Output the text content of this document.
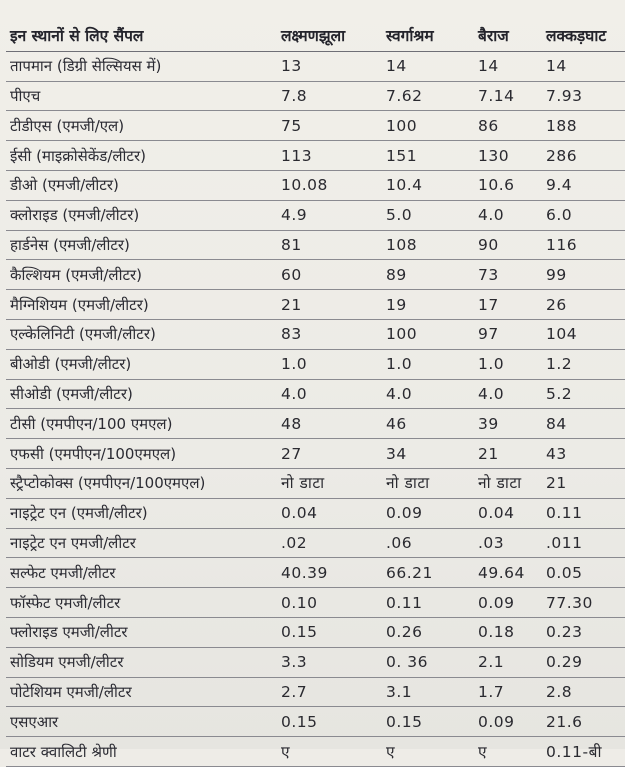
इन स्थानों से लिए सैंपल	लक्ष्मणझूला	स्वर्गाश्रम	बैराज	लक्कड़घाट
तापमान (डिग्री सेल्सियस में)	13	14	14	14
पीएच	7.8	7.62	7.14	7.93
टीडीएस (एमजी/एल)	75	100	86	188
ईसी (माइक्रोसेकेंड/लीटर)	113	151	130	286
डीओ (एमजी/लीटर)	10.08	10.4	10.6	9.4
क्लोराइड (एमजी/लीटर)	4.9	5.0	4.0	6.0
हार्डनेस (एमजी/लीटर)	81	108	90	116
कैल्शियम (एमजी/लीटर)	60	89	73	99
मैग्निशियम (एमजी/लीटर)	21	19	17	26
एल्केलिनिटी (एमजी/लीटर)	83	100	97	104
बीओडी (एमजी/लीटर)	1.0	1.0	1.0	1.2
सीओडी (एमजी/लीटर)	4.0	4.0	4.0	5.2
टीसी (एमपीएन/100 एमएल)	48	46	39	84
एफसी (एमपीएन/100एमएल)	27	34	21	43
स्ट्रैप्टोकोक्स (एमपीएन/100एमएल)	नो डाटा	नो डाटा	नो डाटा	21
नाइट्रेट एन (एमजी/लीटर)	0.04	0.09	0.04	0.11
नाइट्रेट एन एमजी/लीटर	.02	.06	.03	.011
सल्फेट एमजी/लीटर	40.39	66.21	49.64	0.05
फॉस्फेट एमजी/लीटर	0.10	0.11	0.09	77.30
फ्लोराइड एमजी/लीटर	0.15	0.26	0.18	0.23
सोडियम एमजी/लीटर	3.3	0. 36	2.1	0.29
पोटेशियम एमजी/लीटर	2.7	3.1	1.7	2.8
एसएआर	0.15	0.15	0.09	21.6
वाटर क्वालिटी श्रेणी	ए	ए	ए	0.11-बी
